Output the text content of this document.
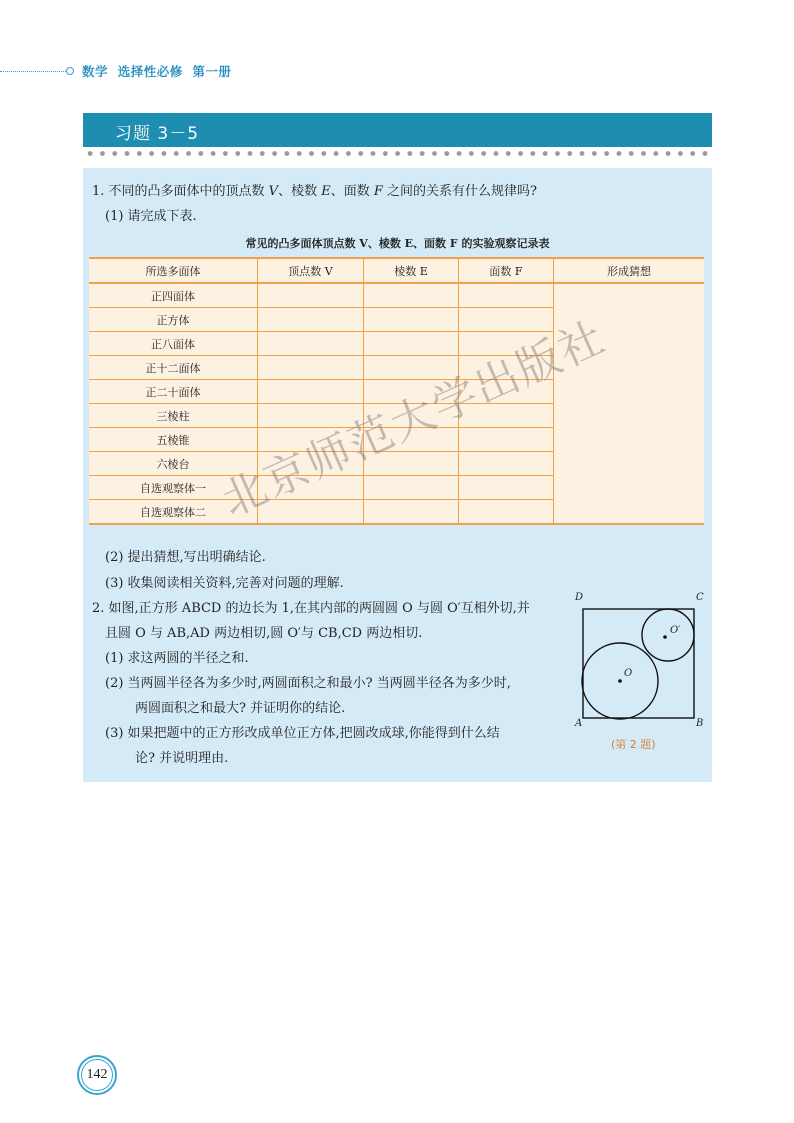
数学  选择性必修  第一册
习题 3－5
1. 不同的凸多面体中的顶点数 V、棱数 E、面数 F 之间的关系有什么规律吗?
(1) 请完成下表.
常见的凸多面体顶点数 V、棱数 E、面数 F 的实验观察记录表
所选多面体	顶点数 V	棱数 E	面数 F	形成猜想
正四面体				
正方体				
正八面体				
正十二面体				
正二十面体				
三棱柱				
五棱锥				
六棱台				
自选观察体一				
自选观察体二				
(2) 提出猜想,写出明确结论.
(3) 收集阅读相关资料,完善对问题的理解.
2. 如图,正方形 ABCD 的边长为 1,在其内部的两圆圆 O 与圆 O′互相外切,并
且圆 O 与 AB,AD 两边相切,圆 O′与 CB,CD 两边相切.
(1) 求这两圆的半径之和.
(2) 当两圆半径各为多少时,两圆面积之和最小? 当两圆半径各为多少时,
两圆面积之和最大? 并证明你的结论.
(3) 如果把题中的正方形改成单位正方体,把圆改成球,你能得到什么结
论? 并说明理由.
D	C
A	B
O
O′
(第 2 题)
北京师范大学出版社
142
